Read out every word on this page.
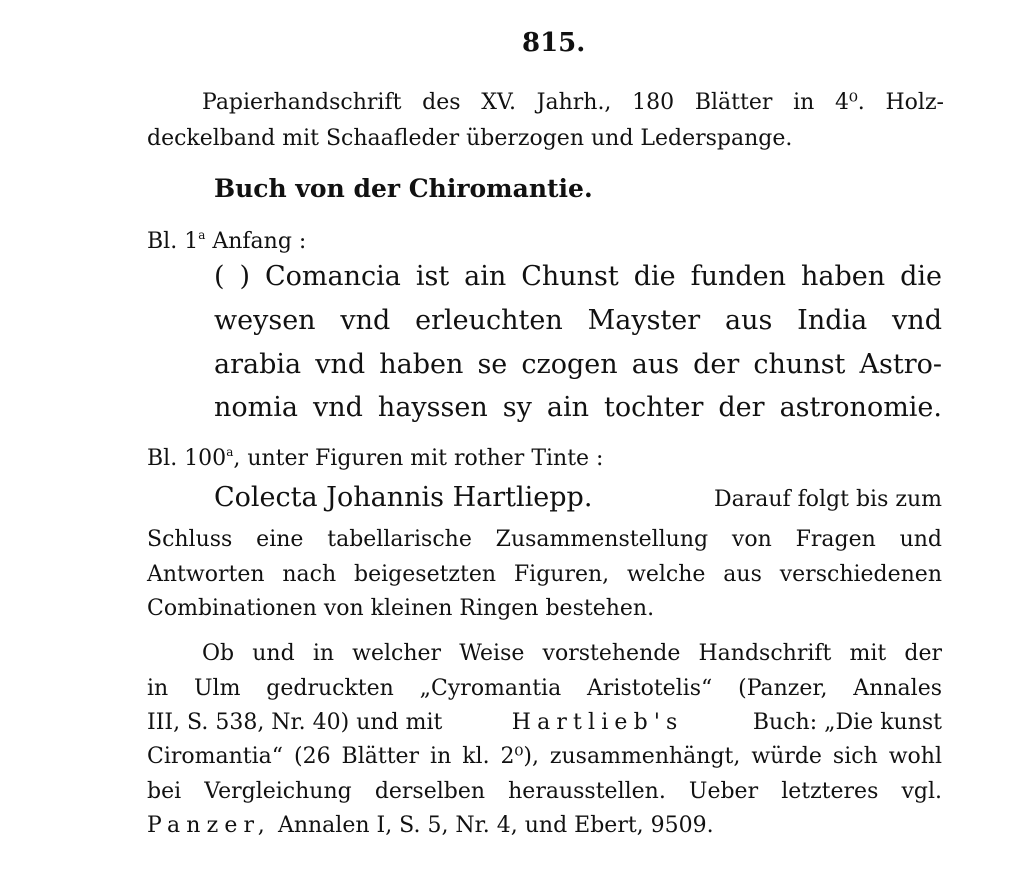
815.
Papierhandschrift des XV. Jahrh., 180 Blätter in 4⁰. Holz-
deckelband mit Schaafleder überzogen und Lederspange.
Buch von der Chiromantie.
Bl. 1$^a$ Anfang :
( ) Comancia ist ain Chunst die funden haben die
weysen vnd erleuchten Mayster aus India vnd
arabia vnd haben se czogen aus der chunst Astro-
nomia vnd hayssen sy ain tochter der astronomie.
Bl. 100$^a$, unter Figuren mit rother Tinte :
Colecta Johannis Hartliepp.	Darauf folgt bis zum
Schluss eine tabellarische Zusammenstellung von Fragen und
Antworten nach beigesetzten Figuren, welche aus verschiedenen
Combinationen von kleinen Ringen bestehen.
Ob und in welcher Weise vorstehende Handschrift mit der
in Ulm gedruckten „Cyromantia Aristotelis“ (Panzer, Annales
III, S. 538, Nr. 40) und mit	Hartlieb's	Buch: „Die kunst
Ciromantia“ (26 Blätter in kl. 2⁰), zusammenhängt, würde sich wohl
bei Vergleichung derselben herausstellen. Ueber letzteres vgl.
Panzer, Annalen I, S. 5, Nr. 4, und Ebert, 9509.
